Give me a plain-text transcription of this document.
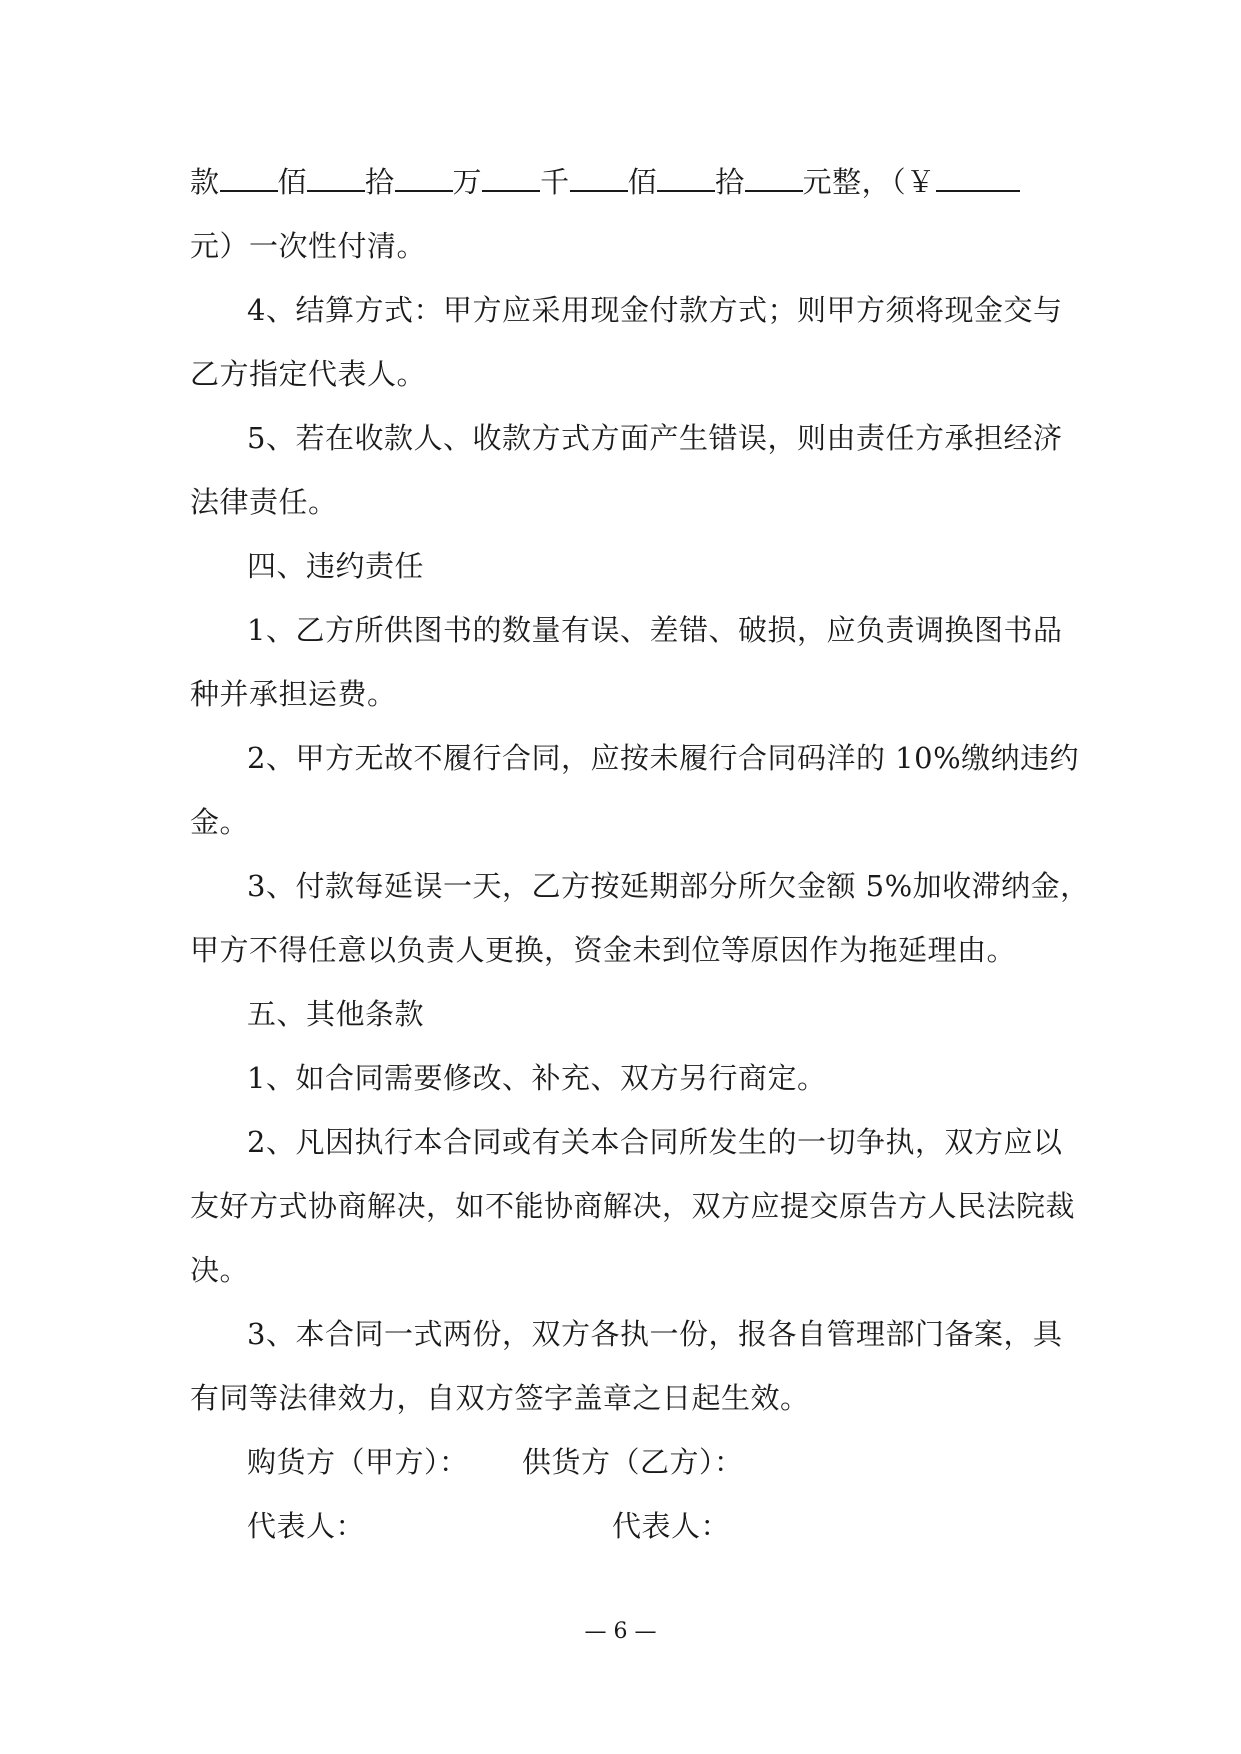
款 佰 拾 万 千 佰 拾 元整，（￥
元）一次性付清。
4、结算方式：甲方应采用现金付款方式；则甲方须将现金交与
乙方指定代表人。
5、若在收款人、收款方式方面产生错误，则由责任方承担经济
法律责任。
四、违约责任
1、乙方所供图书的数量有误、差错、破损，应负责调换图书品
种并承担运费。
2、甲方无故不履行合同，应按未履行合同码洋的 10%缴纳违约
金。
3、付款每延误一天，乙方按延期部分所欠金额 5%加收滞纳金，
甲方不得任意以负责人更换，资金未到位等原因作为拖延理由。
五、其他条款
1、如合同需要修改、补充、双方另行商定。
2、凡因执行本合同或有关本合同所发生的一切争执，双方应以
友好方式协商解决，如不能协商解决，双方应提交原告方人民法院裁
决。
3、本合同一式两份，双方各执一份，报各自管理部门备案，具
有同等法律效力，自双方签字盖章之日起生效。
购货方（甲方）：	供货方（乙方）：
代表人：	代表人：
— 6 —
